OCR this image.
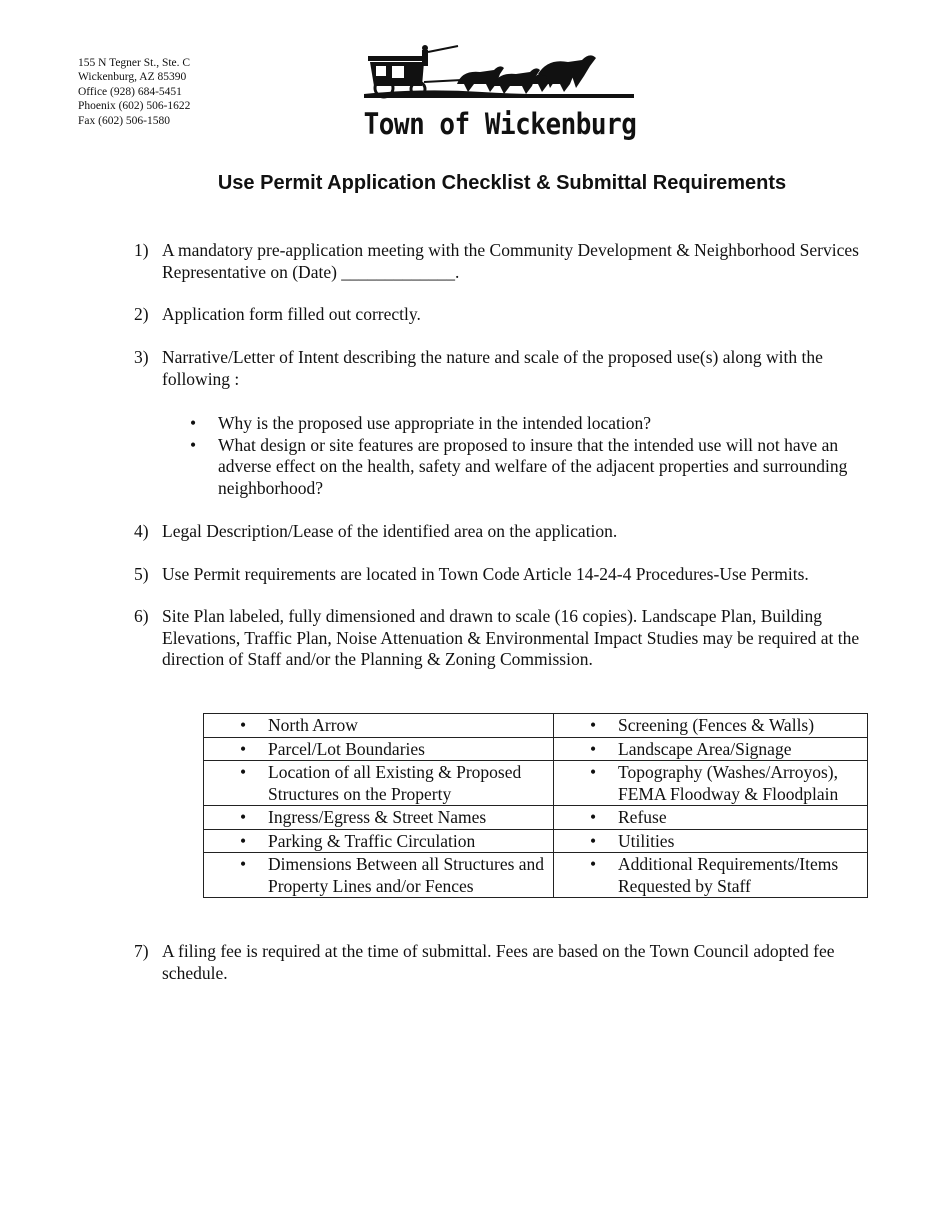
155 N Tegner St., Ste. C
Wickenburg, AZ 85390
Office (928) 684-5451
Phoenix (602) 506-1622
Fax (602) 506-1580	Town of Wickenburg
Use Permit Application Checklist & Submittal Requirements
1) A mandatory pre-application meeting with the Community Development & Neighborhood Services Representative on (Date) _____________.
2) Application form filled out correctly.
3) Narrative/Letter of Intent describing the nature and scale of the proposed use(s) along with the following :
• Why is the proposed use appropriate in the intended location?
• What design or site features are proposed to insure that the intended use will not have an adverse effect on the health, safety and welfare of the adjacent properties and surrounding neighborhood?
4) Legal Description/Lease of the identified area on the application.
5) Use Permit requirements are located in Town Code Article 14-24-4 Procedures-Use Permits.
6) Site Plan labeled, fully dimensioned and drawn to scale (16 copies). Landscape Plan, Building Elevations, Traffic Plan, Noise Attenuation & Environmental Impact Studies may be required at the direction of Staff and/or the Planning & Zoning Commission.
• North Arrow	• Screening (Fences & Walls)

• Parcel/Lot Boundaries	• Landscape Area/Signage

• Location of all Existing & Proposed Structures on the Property	• Topography (Washes/Arroyos), FEMA Floodway & Floodplain

• Ingress/Egress & Street Names	• Refuse

• Parking & Traffic Circulation	• Utilities

• Dimensions Between all Structures and Property Lines and/or Fences	• Additional Requirements/Items Requested by Staff
7) A filing fee is required at the time of submittal. Fees are based on the Town Council adopted fee schedule.
